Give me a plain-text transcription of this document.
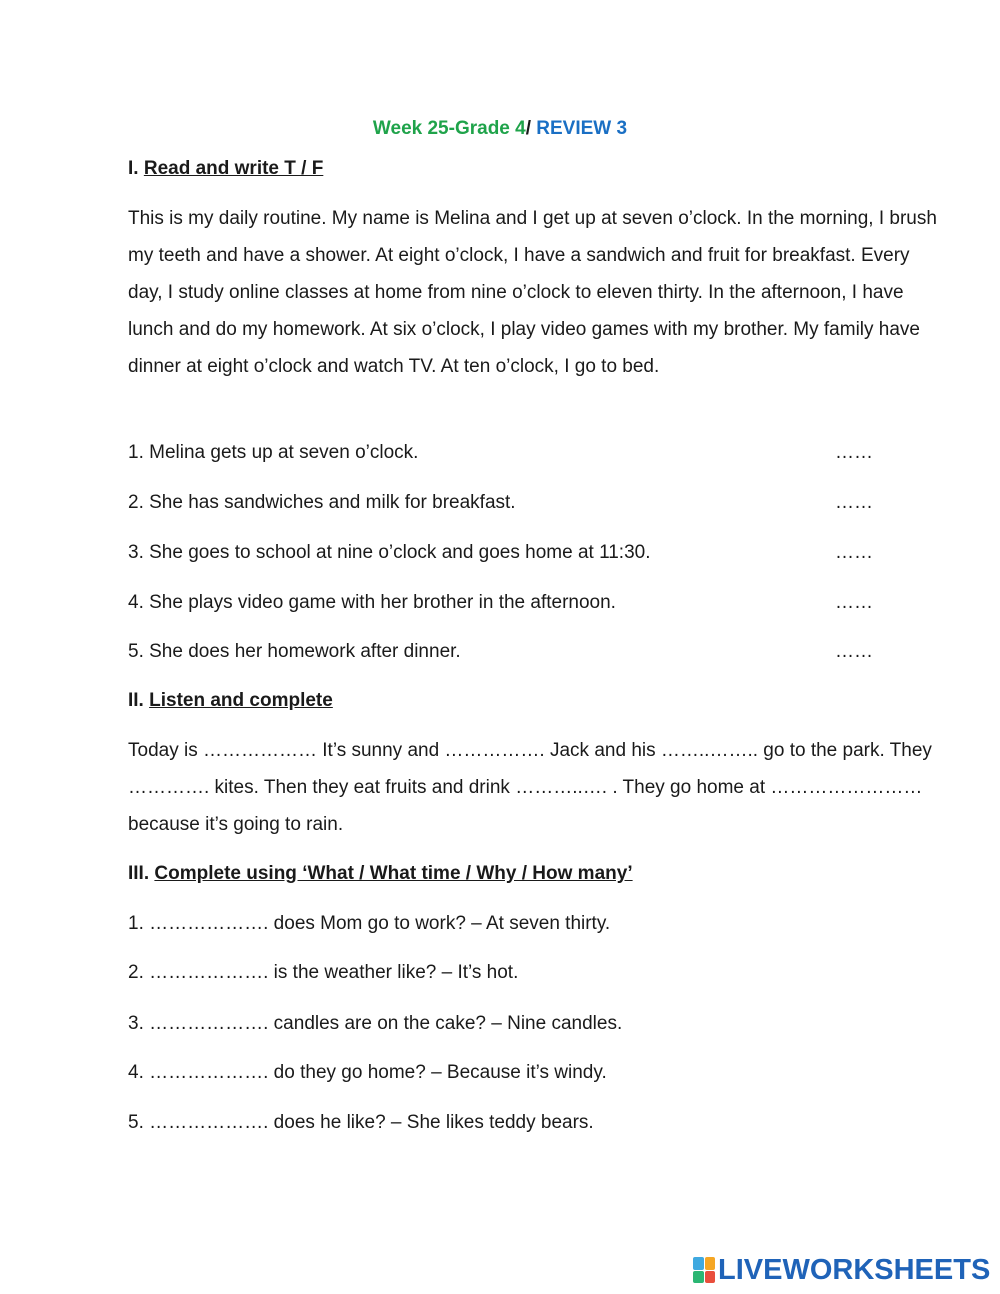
Week 25-Grade 4/ REVIEW 3
I. Read and write T / F
This is my daily routine. My name is Melina and I get up at seven o’clock. In the morning, I brush my teeth and have a shower. At eight o’clock, I have a sandwich and fruit for breakfast. Every day, I study online classes at home from nine o’clock to eleven thirty. In the afternoon, I have lunch and do my homework. At six o’clock, I play video games with my brother. My family have dinner at eight o’clock and watch TV. At ten o’clock, I go to bed.
1. Melina gets up at seven o’clock.	……
2. She has sandwiches and milk for breakfast.	……
3. She goes to school at nine o’clock and goes home at 11:30.	……
4. She plays video game with her brother in the afternoon.	……
5. She does her homework after dinner.	……
II. Listen and complete
Today is ……………… It’s sunny and ……………. Jack and his ……..…….. go to the park. They …………. kites. Then they eat fruits and drink ………..…. . They go home at …………………… because it’s going to rain.
III. Complete using ‘What / What time / Why / How many’
1. ………………. does Mom go to work? – At seven thirty.
2. ………………. is the weather like? – It’s hot.
3. ………………. candles are on the cake? – Nine candles.
4. ………………. do they go home? – Because it’s windy.
5. ………………. does he like? – She likes teddy bears.
LIVEWORKSHEETS
